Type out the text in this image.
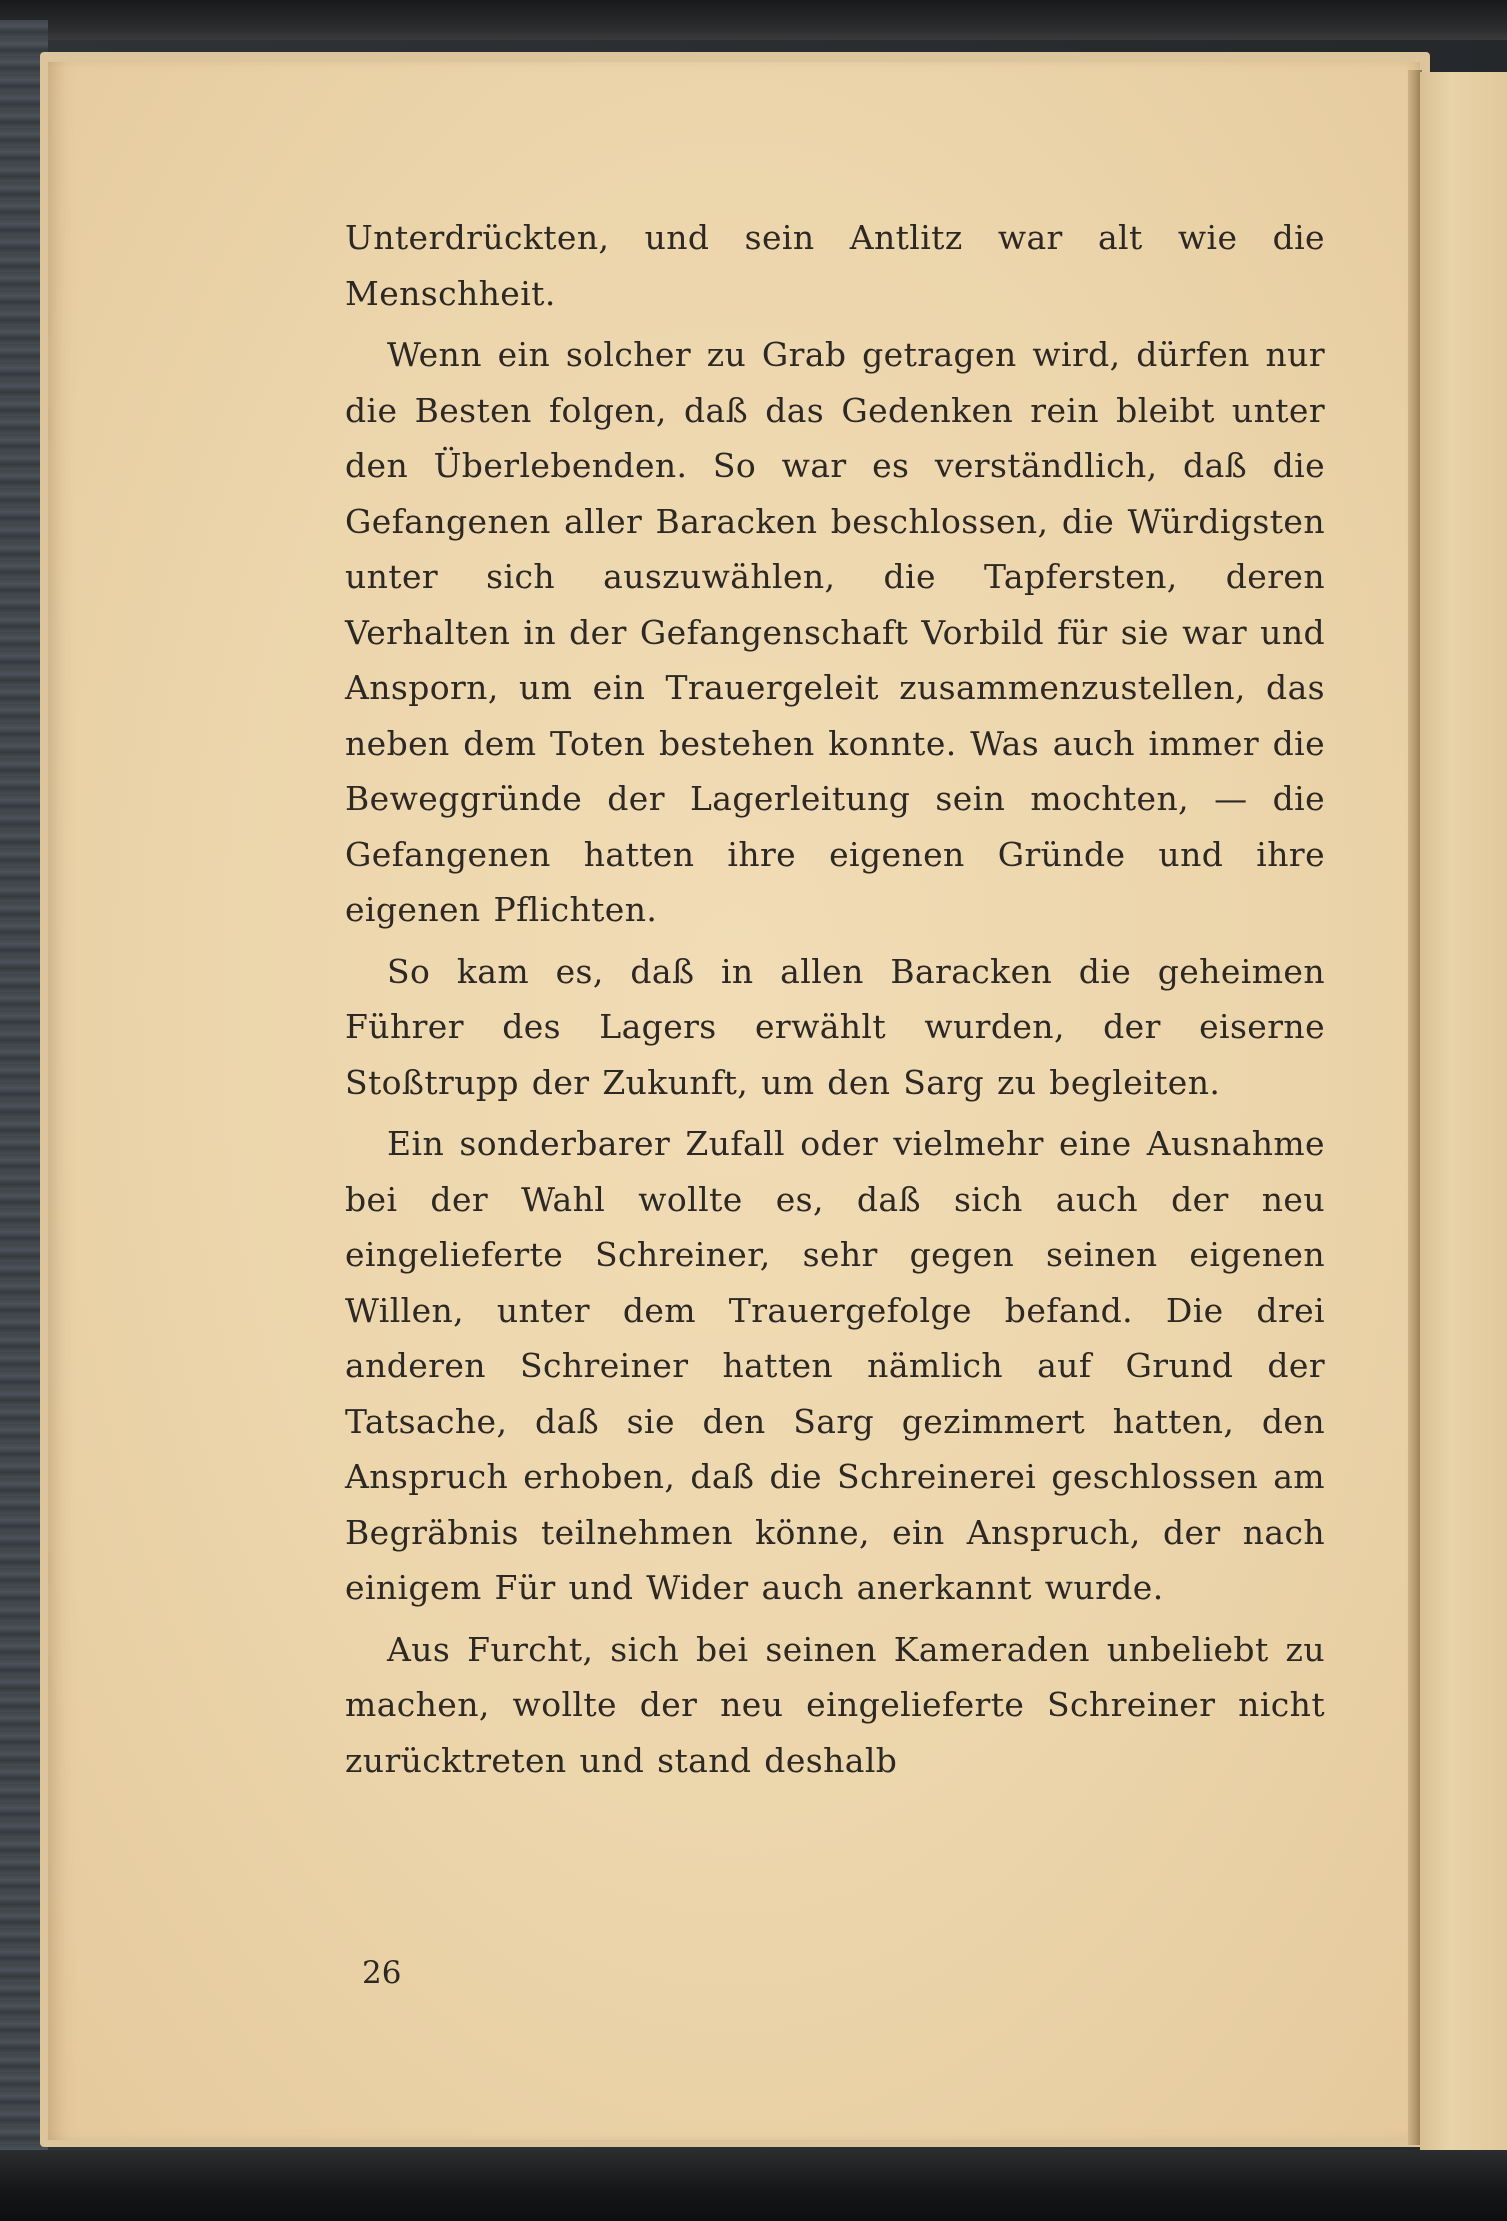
Unterdrückten, und sein Antlitz war alt wie die Menschheit.

Wenn ein solcher zu Grab getragen wird, dürfen nur die Besten folgen, daß das Gedenken rein bleibt unter den Überlebenden. So war es verständlich, daß die Gefangenen aller Baracken beschlossen, die Würdigsten unter sich auszuwählen, die Tapfersten, deren Verhalten in der Gefangenschaft Vorbild für sie war und Ansporn, um ein Trauergeleit zusammenzustellen, das neben dem Toten bestehen konnte. Was auch immer die Beweggründe der Lagerleitung sein mochten, — die Gefangenen hatten ihre eigenen Gründe und ihre eigenen Pflichten.

So kam es, daß in allen Baracken die geheimen Führer des Lagers erwählt wurden, der eiserne Stoßtrupp der Zukunft, um den Sarg zu begleiten.

Ein sonderbarer Zufall oder vielmehr eine Ausnahme bei der Wahl wollte es, daß sich auch der neu eingelieferte Schreiner, sehr gegen seinen eigenen Willen, unter dem Trauergefolge befand. Die drei anderen Schreiner hatten nämlich auf Grund der Tatsache, daß sie den Sarg gezimmert hatten, den Anspruch erhoben, daß die Schreinerei geschlossen am Begräbnis teilnehmen könne, ein Anspruch, der nach einigem Für und Wider auch anerkannt wurde.

Aus Furcht, sich bei seinen Kameraden unbeliebt zu machen, wollte der neu eingelieferte Schreiner nicht zurücktreten und stand deshalb

26
